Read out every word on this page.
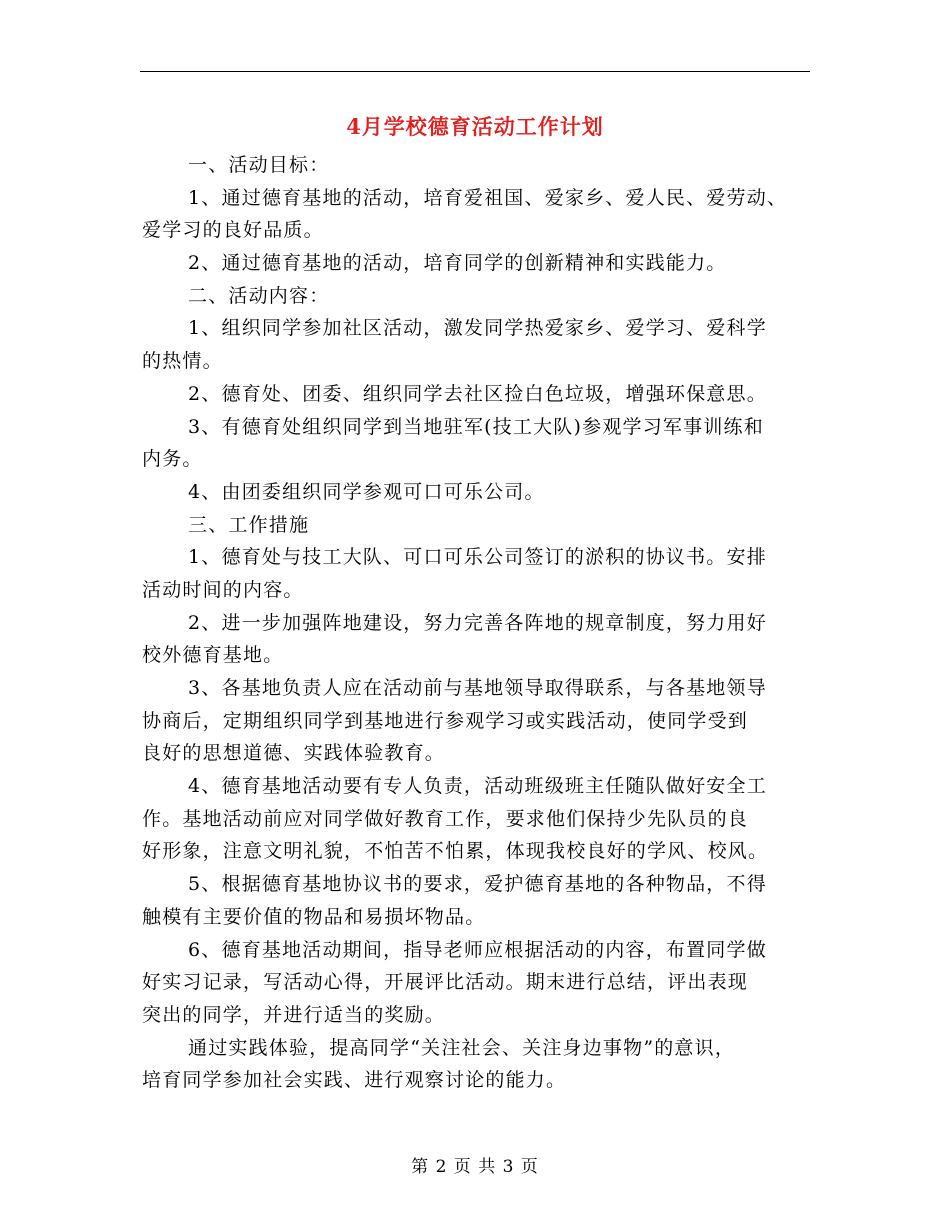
4月学校德育活动工作计划
一、活动目标：
1、通过德育基地的活动，培育爱祖国、爱家乡、爱人民、爱劳动、
爱学习的良好品质。
2、通过德育基地的活动，培育同学的创新精神和实践能力。
二、活动内容：
1、组织同学参加社区活动，激发同学热爱家乡、爱学习、爱科学
的热情。
2、德育处、团委、组织同学去社区捡白色垃圾，增强环保意思。
3、有德育处组织同学到当地驻军(技工大队)参观学习军事训练和
内务。
4、由团委组织同学参观可口可乐公司。
三、工作措施
1、德育处与技工大队、可口可乐公司签订的淤积的协议书。安排
活动时间的内容。
2、进一步加强阵地建设，努力完善各阵地的规章制度，努力用好
校外德育基地。
3、各基地负责人应在活动前与基地领导取得联系，与各基地领导
协商后，定期组织同学到基地进行参观学习或实践活动，使同学受到
良好的思想道德、实践体验教育。
4、德育基地活动要有专人负责，活动班级班主任随队做好安全工
作。基地活动前应对同学做好教育工作，要求他们保持少先队员的良
好形象，注意文明礼貌，不怕苦不怕累，体现我校良好的学风、校风。
5、根据德育基地协议书的要求，爱护德育基地的各种物品，不得
触模有主要价值的物品和易损坏物品。
6、德育基地活动期间，指导老师应根据活动的内容，布置同学做
好实习记录，写活动心得，开展评比活动。期末进行总结，评出表现
突出的同学，并进行适当的奖励。
通过实践体验，提高同学“关注社会、关注身边事物”的意识，
培育同学参加社会实践、进行观察讨论的能力。
第 2 页 共 3 页
